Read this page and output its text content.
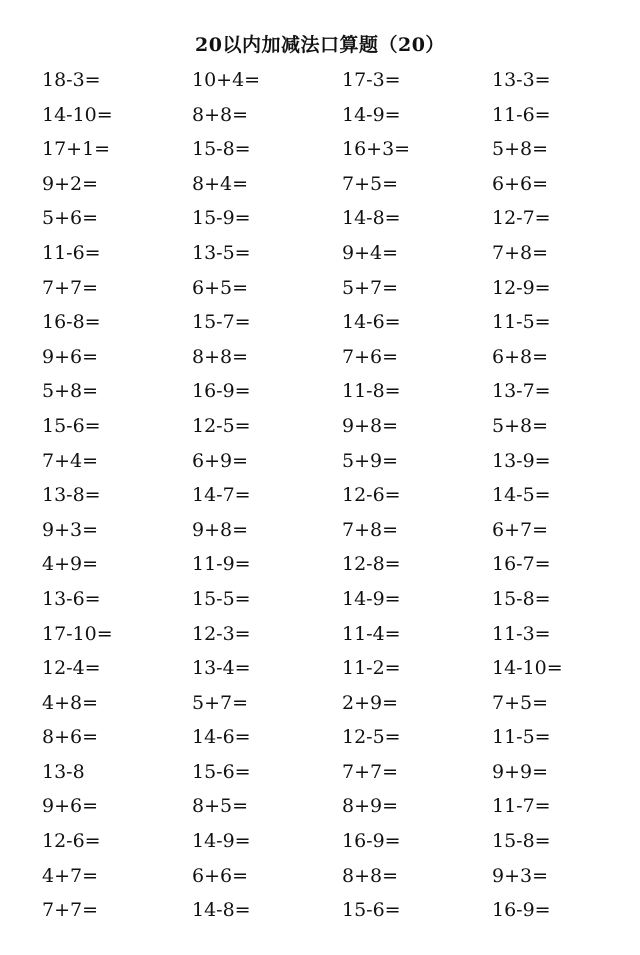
20以内加减法口算题（20）
18-3=	10+4=	17-3=	13-3=
14-10=	8+8=	14-9=	11-6=
17+1=	15-8=	16+3=	5+8=
9+2=	8+4=	7+5=	6+6=
5+6=	15-9=	14-8=	12-7=
11-6=	13-5=	9+4=	7+8=
7+7=	6+5=	5+7=	12-9=
16-8=	15-7=	14-6=	11-5=
9+6=	8+8=	7+6=	6+8=
5+8=	16-9=	11-8=	13-7=
15-6=	12-5=	9+8=	5+8=
7+4=	6+9=	5+9=	13-9=
13-8=	14-7=	12-6=	14-5=
9+3=	9+8=	7+8=	6+7=
4+9=	11-9=	12-8=	16-7=
13-6=	15-5=	14-9=	15-8=
17-10=	12-3=	11-4=	11-3=
12-4=	13-4=	11-2=	14-10=
4+8=	5+7=	2+9=	7+5=
8+6=	14-6=	12-5=	11-5=
13-8	15-6=	7+7=	9+9=
9+6=	8+5=	8+9=	11-7=
12-6=	14-9=	16-9=	15-8=
4+7=	6+6=	8+8=	9+3=
7+7=	14-8=	15-6=	16-9=
